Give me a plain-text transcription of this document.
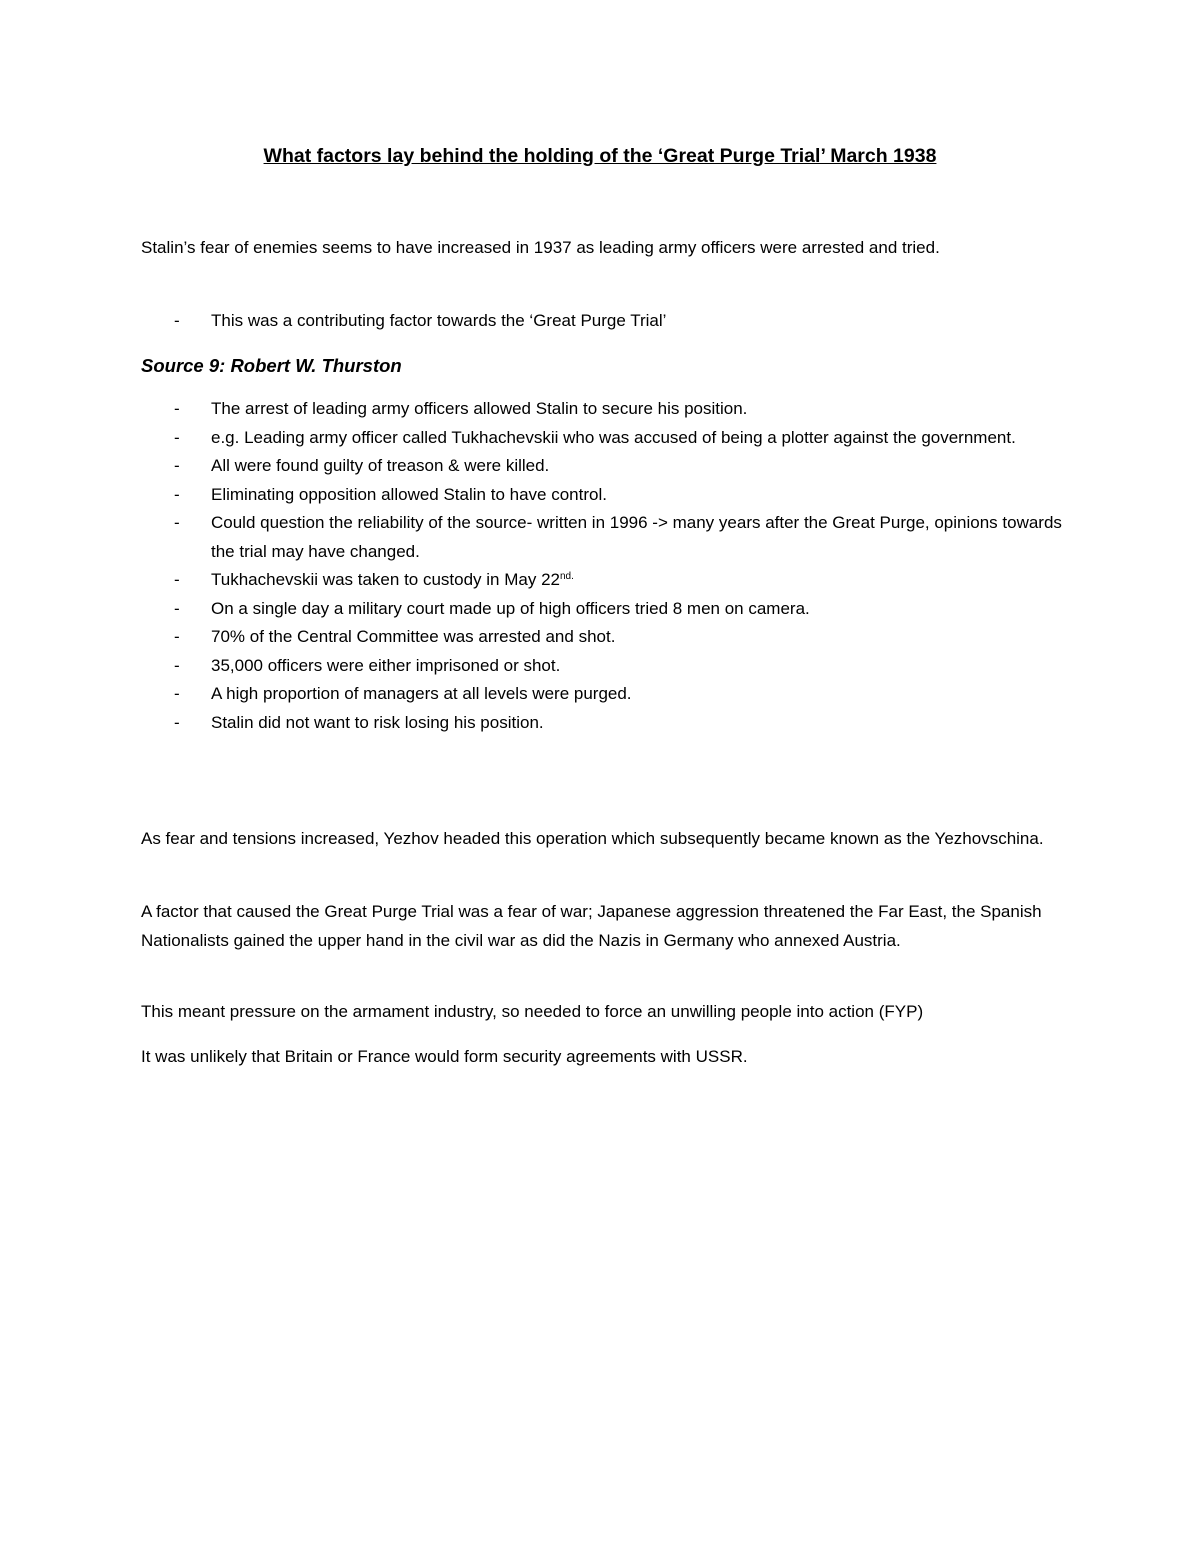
What factors lay behind the holding of the ‘Great Purge Trial’ March 1938

Stalin’s fear of enemies seems to have increased in 1937 as leading army officers were arrested and tried.

- This was a contributing factor towards the ‘Great Purge Trial’
Source 9: Robert W. Thurston
- The arrest of leading army officers allowed Stalin to secure his position.
- e.g. Leading army officer called Tukhachevskii who was accused of being a plotter against the government.
- All were found guilty of treason & were killed.
- Eliminating opposition allowed Stalin to have control.
- Could question the reliability of the source- written in 1996 -> many years after the Great Purge, opinions towards the trial may have changed.
- Tukhachevskii was taken to custody in May $22^{nd.}$
- On a single day a military court made up of high officers tried 8 men on camera.
- 70% of the Central Committee was arrested and shot.
- 35,000 officers were either imprisoned or shot.
- A high proportion of managers at all levels were purged.
- Stalin did not want to risk losing his position.

As fear and tensions increased, Yezhov headed this operation which subsequently became known as the Yezhovschina.

A factor that caused the Great Purge Trial was a fear of war; Japanese aggression threatened the Far East, the Spanish Nationalists gained the upper hand in the civil war as did the Nazis in Germany who annexed Austria.

This meant pressure on the armament industry, so needed to force an unwilling people into action (FYP)

It was unlikely that Britain or France would form security agreements with USSR.
